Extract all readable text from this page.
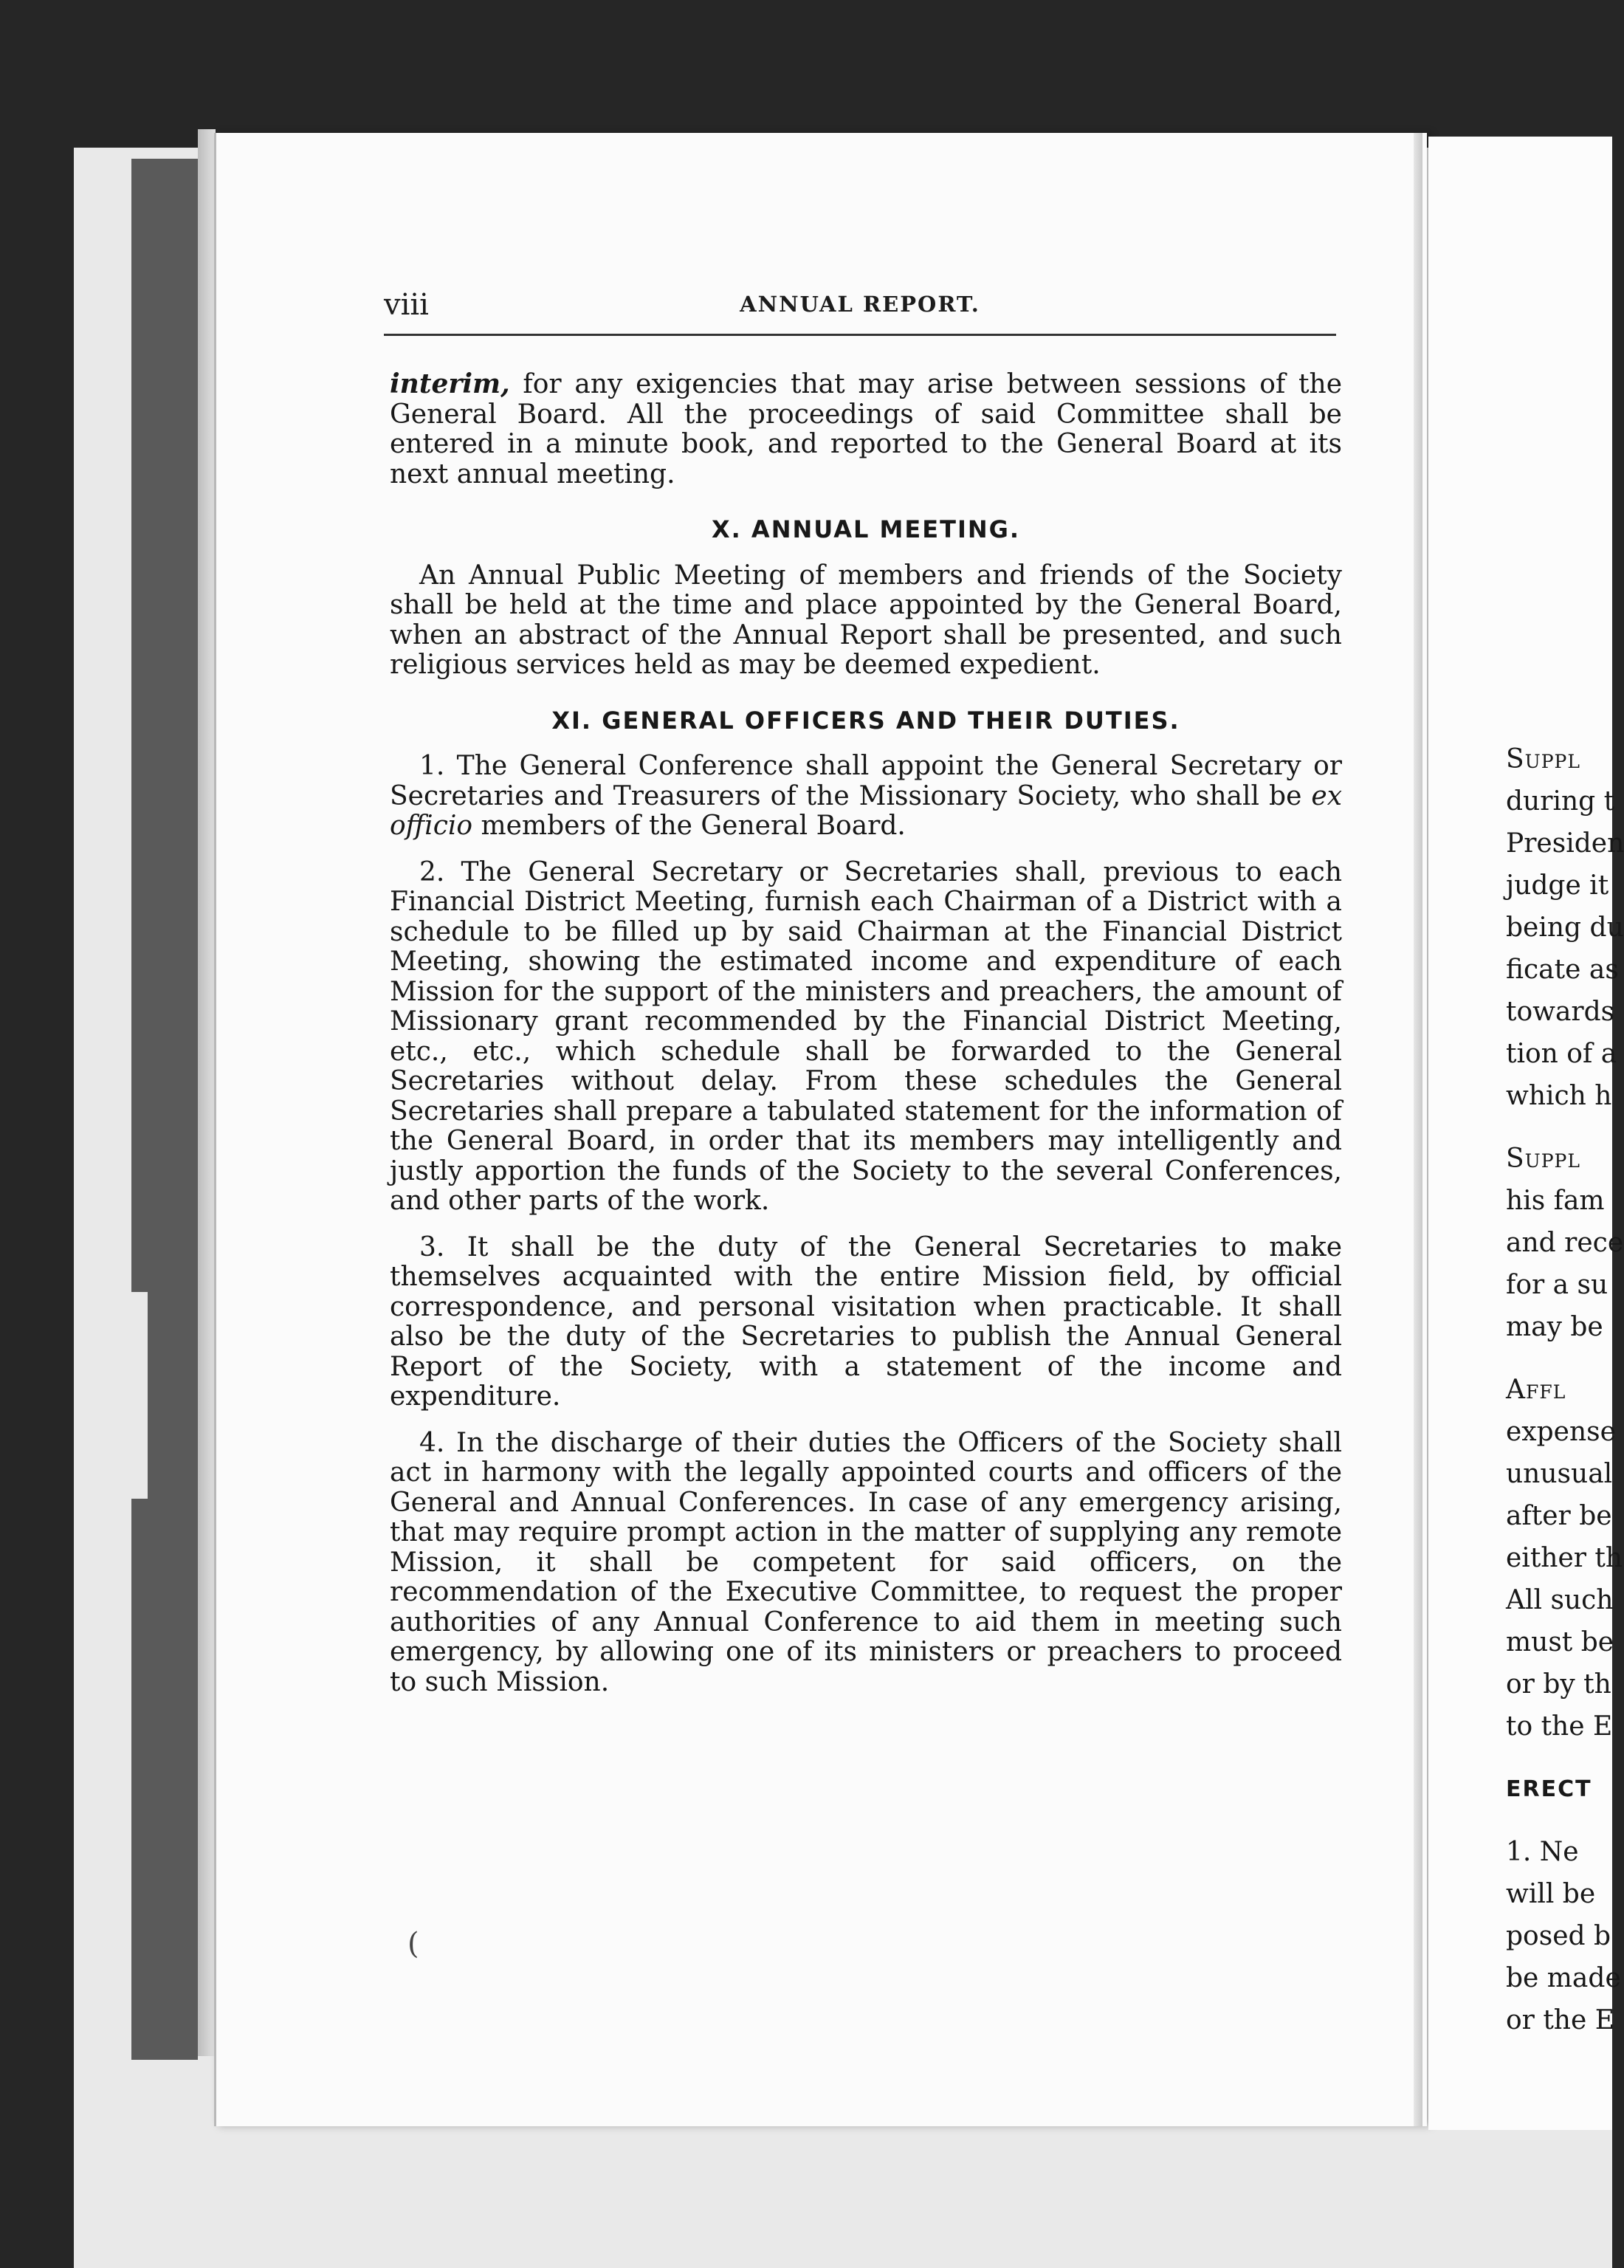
viii	ANNUAL REPORT.

interim, for any exigencies that may arise between sessions of the General Board. All the proceedings of said Committee shall be entered in a minute book, and reported to the General Board at its next annual meeting.

X. ANNUAL MEETING.

An Annual Public Meeting of members and friends of the Society shall be held at the time and place appointed by the General Board, when an abstract of the Annual Report shall be presented, and such religious services held as may be deemed expedient.

XI. GENERAL OFFICERS AND THEIR DUTIES.

1. The General Conference shall appoint the General Secretary or Secretaries and Treasurers of the Missionary Society, who shall be ex officio members of the General Board.

2. The General Secretary or Secretaries shall, previous to each Financial District Meeting, furnish each Chairman of a District with a schedule to be filled up by said Chairman at the Financial District Meeting, showing the estimated income and expenditure of each Mission for the support of the ministers and preachers, the amount of Missionary grant recommended by the Financial District Meeting, etc., etc., which schedule shall be forwarded to the General Secretaries without delay. From these schedules the General Secretaries shall prepare a tabulated statement for the information of the General Board, in order that its members may intelligently and justly apportion the funds of the Society to the several Conferences, and other parts of the work.

3. It shall be the duty of the General Secretaries to make themselves acquainted with the entire Mission field, by official correspondence, and personal visitation when practicable. It shall also be the duty of the Secretaries to publish the Annual General Report of the Society, with a statement of the income and expenditure.

4. In the discharge of their duties the Officers of the Society shall act in harmony with the legally appointed courts and officers of the General and Annual Conferences. In case of any emergency arising, that may require prompt action in the matter of supplying any remote Mission, it shall be competent for said officers, on the recommendation of the Executive Committee, to request the proper authorities of any Annual Conference to aid them in meeting such emergency, by allowing one of its ministers or preachers to proceed to such Mission.

(
Suppl
during t
Presiden
judge it
being du
ficate as
towards
tion of a
which h
Suppl
his fam
and rece
for a su
may be
Affl
expense
unusual
after be
either th
All such
must be
or by th
to the E
ERECT
1. Ne
will be
posed b
be made
or the E
